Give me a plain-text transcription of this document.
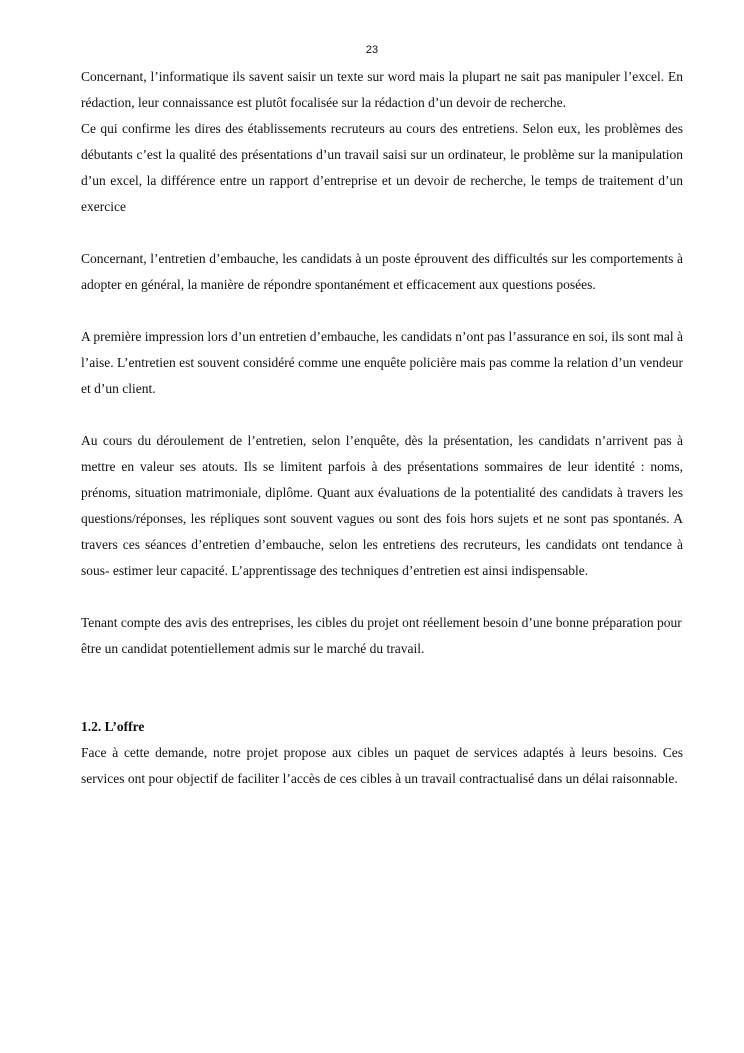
23

Concernant, l’informatique ils savent saisir un texte sur word mais la plupart ne sait pas manipuler l’excel. En rédaction, leur connaissance est plutôt focalisée sur la rédaction d’un devoir de recherche.

Ce qui confirme les dires des établissements recruteurs au cours des entretiens. Selon eux, les problèmes des débutants c’est la qualité des présentations d’un travail saisi sur un ordinateur, le problème sur la manipulation d’un excel, la différence entre un rapport d’entreprise et un devoir de recherche, le temps de traitement d’un exercice

Concernant, l’entretien d’embauche, les candidats à un poste éprouvent des difficultés sur les comportements à adopter en général, la manière de répondre spontanément et efficacement aux questions posées.

A première impression lors d’un entretien d’embauche, les candidats n’ont pas l’assurance en soi, ils sont mal à l’aise. L’entretien est souvent considéré comme une enquête policière mais pas comme la relation d’un vendeur et d’un client.

Au cours du déroulement de l’entretien, selon l’enquête, dès la présentation, les candidats n’arrivent pas à mettre en valeur ses atouts. Ils se limitent parfois à des présentations sommaires de leur identité : noms, prénoms, situation matrimoniale, diplôme. Quant aux évaluations de la potentialité des candidats à travers les questions/réponses, les répliques sont souvent vagues ou sont des fois hors sujets et ne sont pas spontanés. A travers ces séances d’entretien d’embauche, selon les entretiens des recruteurs, les candidats ont tendance à sous- estimer leur capacité. L’apprentissage des techniques d’entretien est ainsi indispensable.

Tenant compte des avis des entreprises, les cibles du projet ont réellement besoin d’une bonne préparation pour être un candidat potentiellement admis sur le marché du travail.

1.2. L’offre

Face à cette demande, notre projet propose aux cibles un paquet de services adaptés à leurs besoins. Ces services ont pour objectif de faciliter l’accès de ces cibles à un travail contractualisé dans un délai raisonnable.
